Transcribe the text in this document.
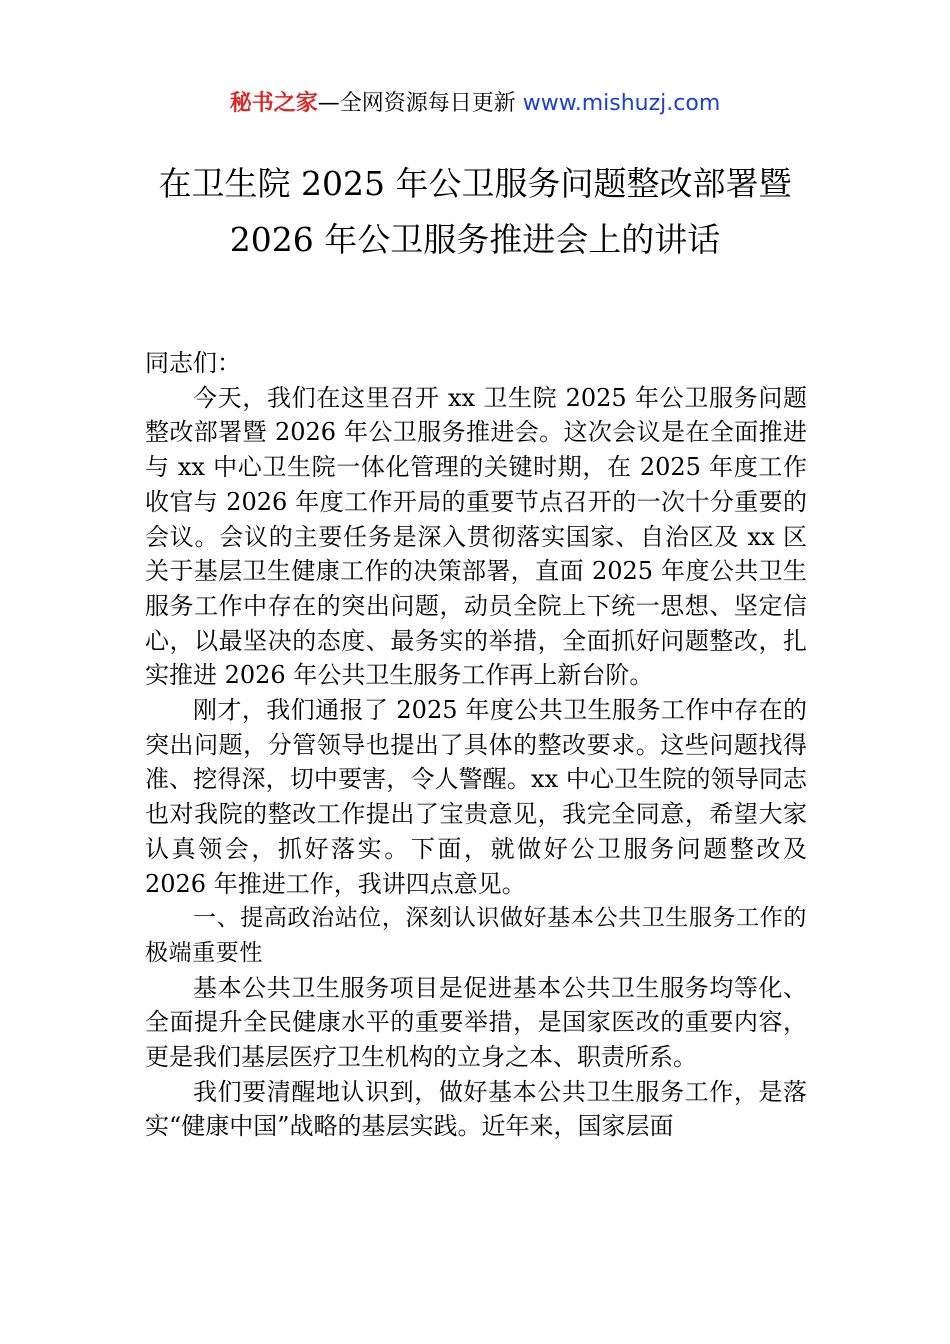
秘书之家—全网资源每日更新 www.mishuzj.com
在卫生院 2025 年公卫服务问题整改部署暨
2026 年公卫服务推进会上的讲话

同志们：

今天，我们在这里召开 xx 卫生院 2025 年公卫服务问题整改部署暨 2026 年公卫服务推进会。这次会议是在全面推进与 xx 中心卫生院一体化管理的关键时期，在 2025 年度工作收官与 2026 年度工作开局的重要节点召开的一次十分重要的会议。会议的主要任务是深入贯彻落实国家、自治区及 xx 区关于基层卫生健康工作的决策部署，直面 2025 年度公共卫生服务工作中存在的突出问题，动员全院上下统一思想、坚定信心，以最坚决的态度、最务实的举措，全面抓好问题整改，扎实推进 2026 年公共卫生服务工作再上新台阶。

刚才，我们通报了 2025 年度公共卫生服务工作中存在的突出问题，分管领导也提出了具体的整改要求。这些问题找得准、挖得深，切中要害，令人警醒。xx 中心卫生院的领导同志也对我院的整改工作提出了宝贵意见，我完全同意，希望大家认真领会，抓好落实。下面，就做好公卫服务问题整改及 2026 年推进工作，我讲四点意见。

一、提高政治站位，深刻认识做好基本公共卫生服务工作的极端重要性

基本公共卫生服务项目是促进基本公共卫生服务均等化、全面提升全民健康水平的重要举措，是国家医改的重要内容，更是我们基层医疗卫生机构的立身之本、职责所系。

我们要清醒地认识到，做好基本公共卫生服务工作，是落实“健康中国”战略的基层实践。近年来，国家层面
